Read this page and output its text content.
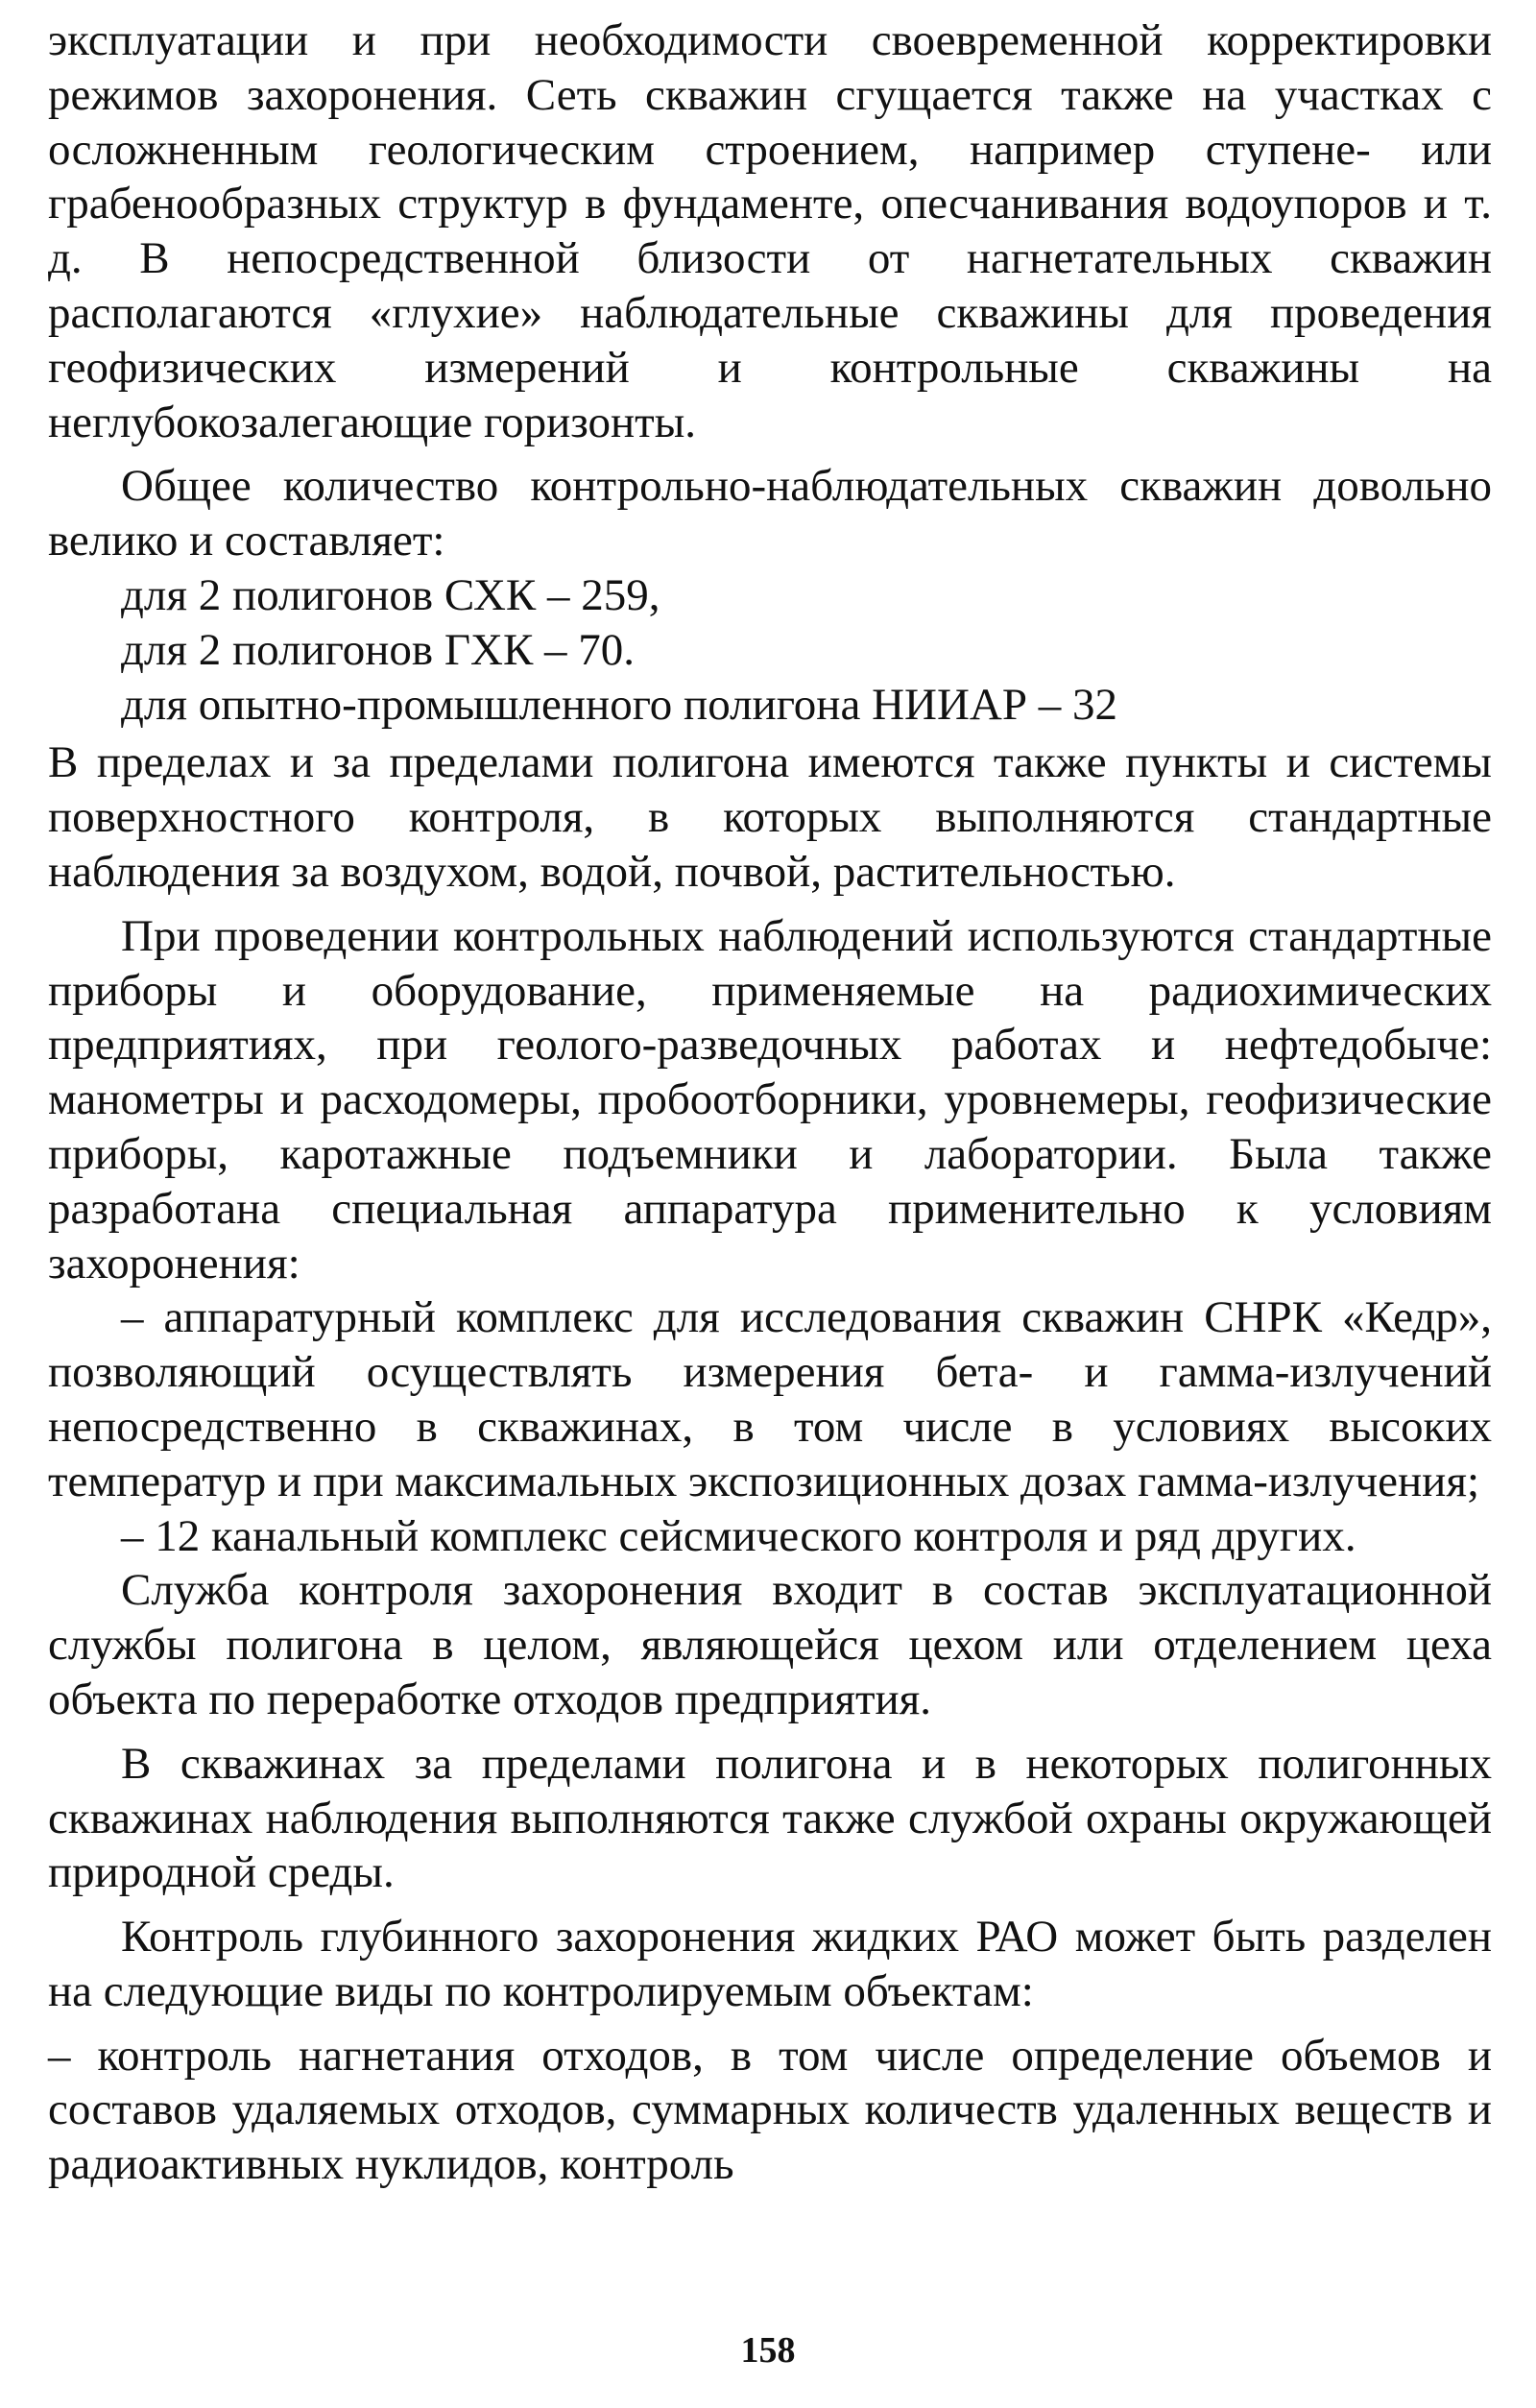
эксплуатации и при необходимости своевременной корректировки режимов захоронения. Сеть скважин сгущается также на участках с осложненным геологическим строением, например ступене- или грабенообразных структур в фундаменте, опесчанивания водоупоров и т. д. В непосредственной близости от нагнетательных скважин располагаются «глухие» наблюдательные скважины для проведения геофизических измерений и контрольные скважины на неглубокозалегающие горизонты.

Общее количество контрольно-наблюдательных скважин довольно велико и составляет:

для 2 полигонов СХК – 259,
для 2 полигонов ГХК – 70.
для опытно-промышленного полигона НИИАР – 32

В пределах и за пределами полигона имеются также пункты и системы поверхностного контроля, в которых выполняются стандартные наблюдения за воздухом, водой, почвой, растительностью.

При проведении контрольных наблюдений используются стандартные приборы и оборудование, применяемые на радиохимических предприятиях, при геолого-разведочных работах и нефтедобыче: манометры и расходомеры, пробоотборники, уровнемеры, геофизические приборы, каротажные подъемники и лаборатории. Была также разработана специальная аппаратура применительно к условиям захоронения:

– аппаратурный комплекс для исследования скважин СНРК «Кедр», позволяющий осуществлять измерения бета- и гамма-излучений непосредственно в скважинах, в том числе в условиях высоких температур и при максимальных экспозиционных дозах гамма-излучения;

– 12 канальный комплекс сейсмического контроля и ряд других.

Служба контроля захоронения входит в состав эксплуатационной службы полигона в целом, являющейся цехом или отделением цеха объекта по переработке отходов предприятия.

В скважинах за пределами полигона и в некоторых полигонных скважинах наблюдения выполняются также службой охраны окружающей природной среды.

Контроль глубинного захоронения жидких РАО может быть разделен на следующие виды по контролируемым объектам:

– контроль нагнетания отходов, в том числе определение объемов и составов удаляемых отходов, суммарных количеств удаленных веществ и радиоактивных нуклидов, контроль

158
